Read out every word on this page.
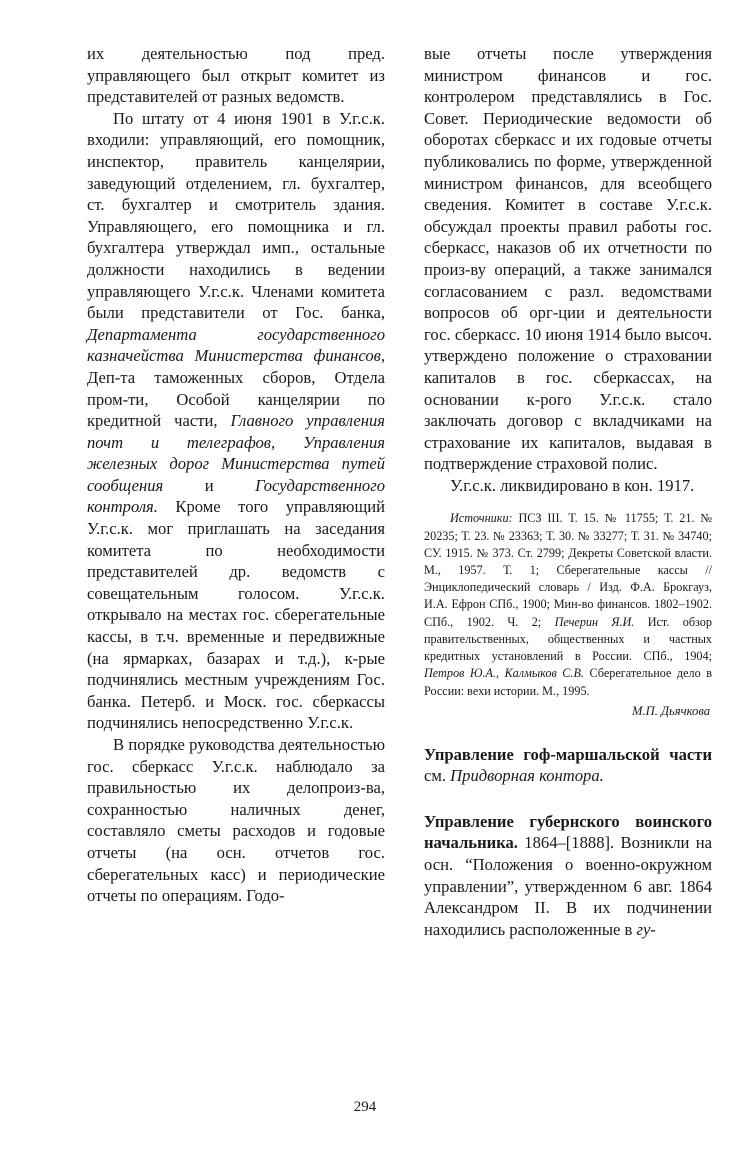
их деятельностью под пред. управляющего был открыт комитет из представителей от разных ведомств.

По штату от 4 июня 1901 в У.г.с.к. входили: управляющий, его помощник, инспектор, правитель канцелярии, заведующий отделением, гл. бухгалтер, ст. бухгалтер и смотритель здания. Управляющего, его помощника и гл. бухгалтера утверждал имп., остальные должности находились в ведении управляющего У.г.с.к. Членами комитета были представители от Гос. банка, Департамента государственного казначейства Министерства финансов, Деп-та таможенных сборов, Отдела пром-ти, Особой канцелярии по кредитной части, Главного управления почт и телеграфов, Управления железных дорог Министерства путей сообщения и Государственного контроля. Кроме того управляющий У.г.с.к. мог приглашать на заседания комитета по необходимости представителей др. ведомств с совещательным голосом. У.г.с.к. открывало на местах гос. сберегательные кассы, в т.ч. временные и передвижные (на ярмарках, базарах и т.д.), к-рые подчинялись местным учреждениям Гос. банка. Петерб. и Моск. гос. сберкассы подчинялись непосредственно У.г.с.к.

В порядке руководства деятельностью гос. сберкасс У.г.с.к. наблюдало за правильностью их делопроиз-ва, сохранностью наличных денег, составляло сметы расходов и годовые отчеты (на осн. отчетов гос. сберегательных касс) и периодические отчеты по операциям. Годо-

вые отчеты после утверждения министром финансов и гос. контролером представлялись в Гос. Совет. Периодические ведомости об оборотах сберкасс и их годовые отчеты публиковались по форме, утвержденной министром финансов, для всеобщего сведения. Комитет в составе У.г.с.к. обсуждал проекты правил работы гос. сберкасс, наказов об их отчетности по произ-ву операций, а также занимался согласованием с разл. ведомствами вопросов об орг-ции и деятельности гос. сберкасс. 10 июня 1914 было высоч. утверждено положение о страховании капиталов в гос. сберкассах, на основании к-рого У.г.с.к. стало заключать договор с вкладчиками на страхование их капиталов, выдавая в подтверждение страховой полис.

У.г.с.к. ликвидировано в кон. 1917.

Источники: ПСЗ III. Т. 15. № 11755; Т. 21. № 20235; Т. 23. № 23363; Т. 30. № 33277; Т. 31. № 34740; СУ. 1915. № 373. Ст. 2799; Декреты Советской власти. М., 1957. Т. 1; Сберегательные кассы // Энциклопедический словарь / Изд. Ф.А. Брокгауз, И.А. Ефрон СПб., 1900; Мин-во финансов. 1802–1902. СПб., 1902. Ч. 2; Печерин Я.И. Ист. обзор правительственных, общественных и частных кредитных установлений в России. СПб., 1904; Петров Ю.А., Калмыков С.В. Сберегательное дело в России: вехи истории. М., 1995.

М.П. Дьячкова

Управление гоф-маршальской части см. Придворная контора.

Управление губернского воинского начальника. 1864–[1888]. Возникли на осн. “Положения о военно-окружном управлении”, утвержденном 6 авг. 1864 Александром II. В их подчинении находились расположенные в гу-

294
